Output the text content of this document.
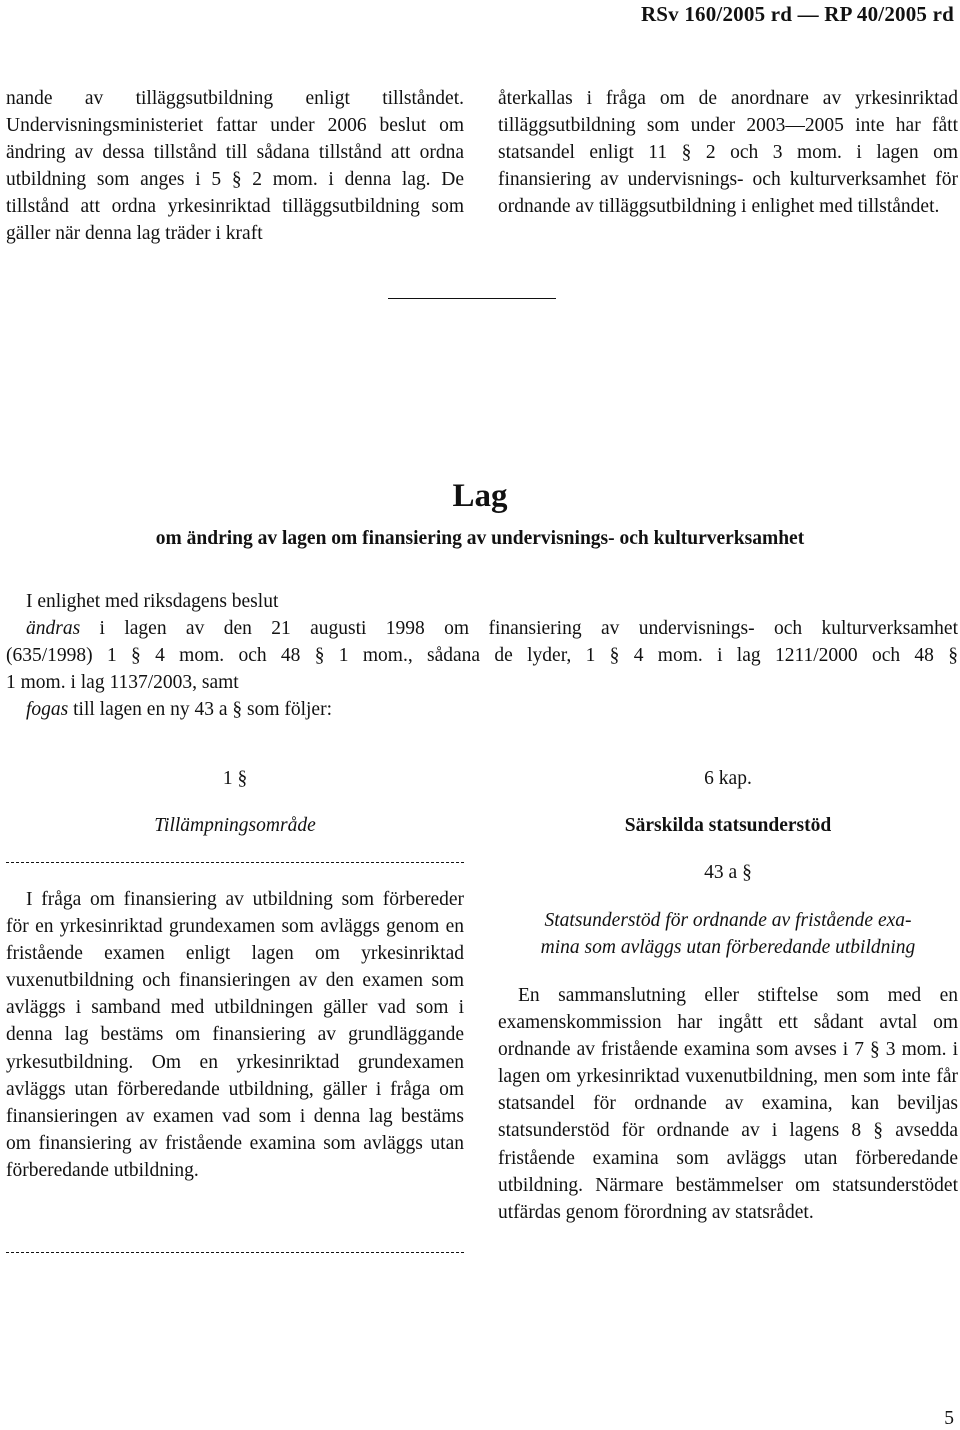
RSv 160/2005 rd — RP 40/2005 rd
nande av tilläggsutbildning enligt tillståndet. Undervisningsministeriet fattar under 2006 beslut om ändring av dessa tillstånd till sådana tillstånd att ordna utbildning som anges i 5 § 2 mom. i denna lag. De tillstånd att ordna yrkesinriktad tilläggsutbildning som gäller när denna lag träder i kraft
återkallas i fråga om de anordnare av yrkesinriktad tilläggsutbildning som under 2003—2005 inte har fått statsandel enligt 11 § 2 och 3 mom. i lagen om finansiering av undervisnings- och kulturverksamhet för ordnande av tilläggsutbildning i enlighet med tillståndet.
Lag
om ändring av lagen om finansiering av undervisnings- och kulturverksamhet
I enlighet med riksdagens beslut
ändras i lagen av den 21 augusti 1998 om finansiering av undervisnings- och kulturverksamhet
(635/1998) 1 § 4 mom. och 48 § 1 mom., sådana de lyder, 1 § 4 mom. i lag 1211/2000 och 48 §
1 mom. i lag 1137/2003, samt
fogas till lagen en ny 43 a § som följer:
1 §
Tillämpningsområde
I fråga om finansiering av utbildning som förbereder för en yrkesinriktad grundexamen som avläggs genom en fristående examen enligt lagen om yrkesinriktad vuxenutbildning och finansieringen av den examen som avläggs i samband med utbildningen gäller vad som i denna lag bestäms om finansiering av grundläggande yrkesutbildning. Om en yrkesinriktad grundexamen avläggs utan förberedande utbildning, gäller i fråga om finansieringen av examen vad som i denna lag bestäms om finansiering av fristående examina som avläggs utan förberedande utbildning.
6 kap.
Särskilda statsunderstöd
43 a §
Statsunderstöd för ordnande av fristående exa-
mina som avläggs utan förberedande utbildning
En sammanslutning eller stiftelse som med en examenskommission har ingått ett sådant avtal om ordnande av fristående examina som avses i 7 § 3 mom. i lagen om yrkesinriktad vuxenutbildning, men som inte får statsandel för ordnande av examina, kan beviljas statsunderstöd för ordnande av i lagens 8 § avsedda fristående examina som avläggs utan förberedande utbildning. Närmare bestämmelser om statsunderstödet utfärdas genom förordning av statsrådet.
5
